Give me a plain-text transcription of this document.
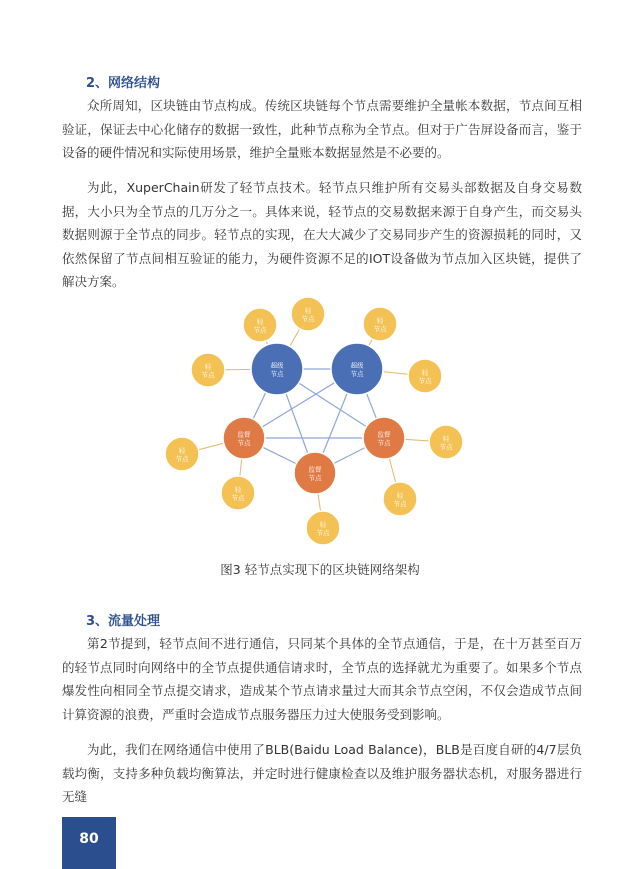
2、网络结构

众所周知，区块链由节点构成。传统区块链每个节点需要维护全量帐本数据，节点间互相验证，保证去中心化储存的数据一致性，此种节点称为全节点。但对于广告屏设备而言，鉴于设备的硬件情况和实际使用场景，维护全量账本数据显然是不必要的。

为此，XuperChain研发了轻节点技术。轻节点只维护所有交易头部数据及自身交易数据，大小只为全节点的几万分之一。具体来说，轻节点的交易数据来源于自身产生，而交易头数据则源于全节点的同步。轻节点的实现，在大大减少了交易同步产生的资源损耗的同时，又依然保留了节点间相互验证的能力，为硬件资源不足的IOT设备做为节点加入区块链，提供了解决方案。

轻
节点
轻
节点	轻
节点
轻
节点	轻
节点
轻
节点
轻
节点
轻
节点
轻
节点
轻
节点
超级
节点
超级
节点
监督
节点
监督
节点
监督
节点
图3 轻节点实现下的区块链网络架构
3、流量处理

第2节提到，轻节点间不进行通信，只同某个具体的全节点通信，于是，在十万甚至百万的轻节点同时向网络中的全节点提供通信请求时，全节点的选择就尤为重要了。如果多个节点爆发性向相同全节点提交请求，造成某个节点请求量过大而其余节点空闲，不仅会造成节点间计算资源的浪费，严重时会造成节点服务器压力过大使服务受到影响。

为此，我们在网络通信中使用了BLB(Baidu Load Balance)，BLB是百度自研的4/7层负载均衡，支持多种负载均衡算法，并定时进行健康检查以及维护服务器状态机，对服务器进行无缝

80
